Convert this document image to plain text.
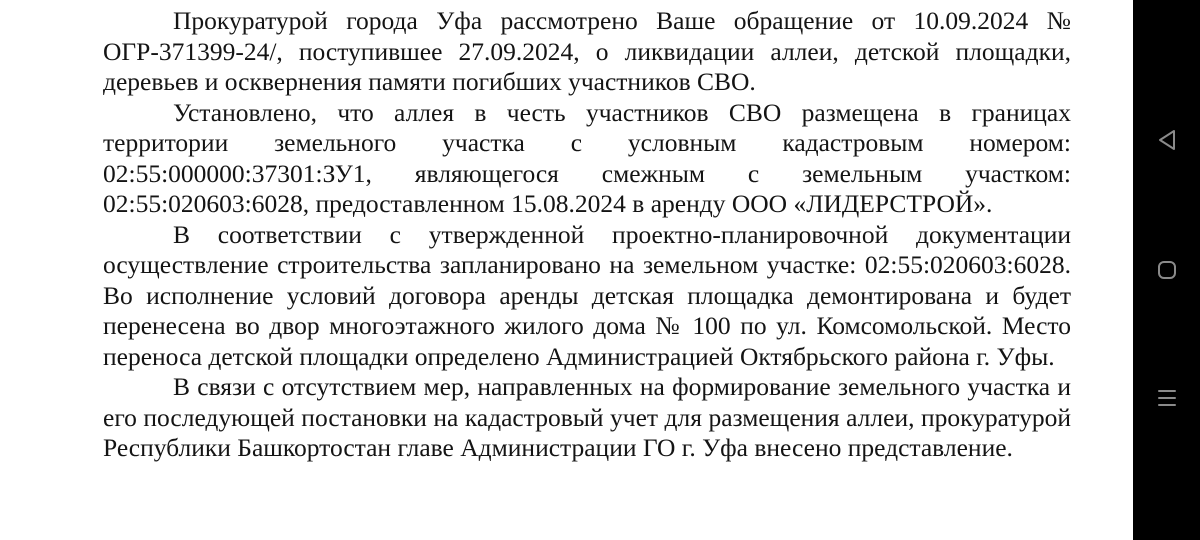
Прокуратурой города Уфа рассмотрено Ваше обращение от 10.09.2024 № ОГР-371399-24/, поступившее 27.09.2024, о ликвидации аллеи, детской площадки, деревьев и осквернения памяти погибших участников СВО.

Установлено, что аллея в честь участников СВО размещена в границах территории земельного участка с условным кадастровым номером: 02:55:000000:37301:ЗУ1, являющегося смежным с земельным участком: 02:55:020603:6028, предоставленном 15.08.2024 в аренду ООО «ЛИДЕРСТРОЙ».

В соответствии с утвержденной проектно-планировочной документации осуществление строительства запланировано на земельном участке: 02:55:020603:6028. Во исполнение условий договора аренды детская площадка демонтирована и будет перенесена во двор многоэтажного жилого дома № 100 по ул. Комсомольской. Место переноса детской площадки определено Администрацией Октябрьского района г. Уфы.

В связи с отсутствием мер, направленных на формирование земельного участка и его последующей постановки на кадастровый учет для размещения аллеи, прокуратурой Республики Башкортостан главе Администрации ГО г. Уфа внесено представление.
